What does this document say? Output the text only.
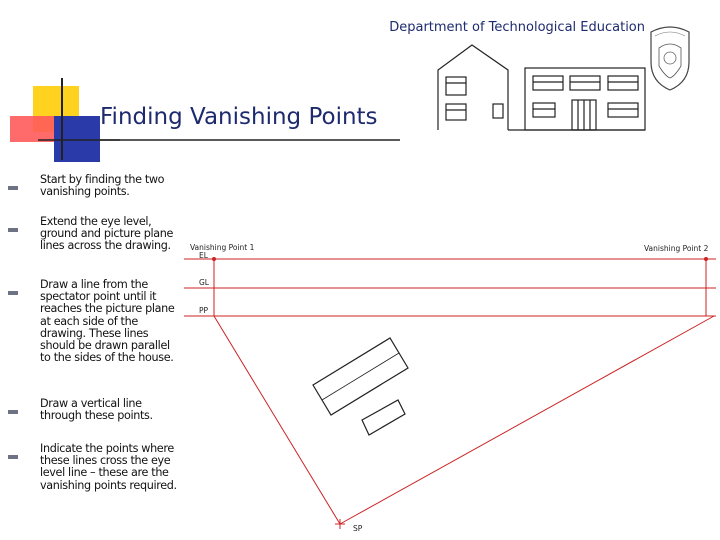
Department of Technological Education
Finding Vanishing Points
Start by finding the two vanishing points.
Extend the eye level, ground and picture plane lines across the drawing.
Draw a line from the spectator point until it reaches the picture plane at each side of the drawing. These lines should be drawn parallel to the sides of the house.
Draw a vertical line through these points.
Indicate the points where these lines cross the eye level line – these are the vanishing points required.
Vanishing Point 1	Vanishing Point 2
EL
GL
PP
SP
